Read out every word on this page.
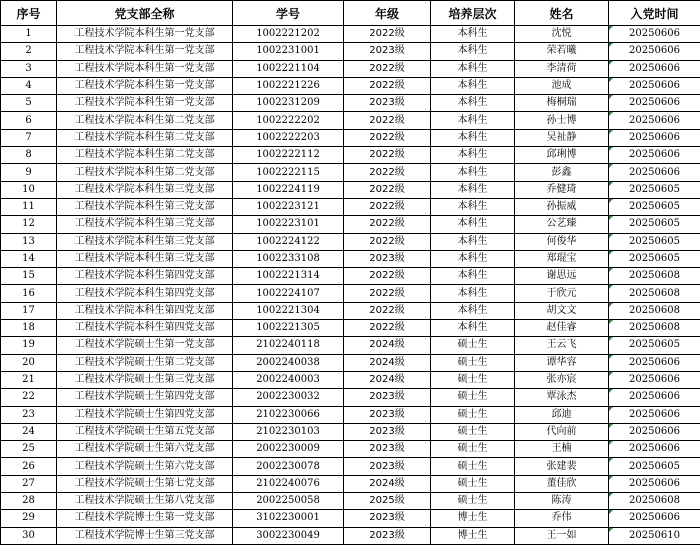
序号	党支部全称	学号	年级	培养层次	姓名	入党时间
1	工程技术学院本科生第一党支部	1002221202	2022级	本科生	沈悦	20250606
2	工程技术学院本科生第一党支部	1002231001	2023级	本科生	荣若曦	20250606
3	工程技术学院本科生第一党支部	1002221104	2022级	本科生	李清荷	20250606
4	工程技术学院本科生第一党支部	1002221226	2022级	本科生	池成	20250606
5	工程技术学院本科生第一党支部	1002231209	2023级	本科生	梅桐瑞	20250606
6	工程技术学院本科生第二党支部	1002222202	2022级	本科生	孙士博	20250606
7	工程技术学院本科生第二党支部	1002222203	2022级	本科生	吴祉静	20250606
8	工程技术学院本科生第二党支部	1002222112	2022级	本科生	邱琍博	20250606
9	工程技术学院本科生第二党支部	1002222115	2022级	本科生	彭鑫	20250606
10	工程技术学院本科生第三党支部	1002224119	2022级	本科生	乔健琦	20250605
11	工程技术学院本科生第三党支部	1002223121	2022级	本科生	孙振威	20250605
12	工程技术学院本科生第三党支部	1002223101	2022级	本科生	公艺臻	20250605
13	工程技术学院本科生第三党支部	1002224122	2022级	本科生	何俊华	20250605
14	工程技术学院本科生第三党支部	1002233108	2023级	本科生	郑琨宝	20250605
15	工程技术学院本科生第四党支部	1002221314	2022级	本科生	谢思远	20250608
16	工程技术学院本科生第四党支部	1002224107	2022级	本科生	于欣元	20250608
17	工程技术学院本科生第四党支部	1002221304	2022级	本科生	胡文文	20250608
18	工程技术学院本科生第四党支部	1002221305	2022级	本科生	赵佳睿	20250608
19	工程技术学院硕士生第一党支部	2102240118	2024级	硕士生	王云飞	20250605
20	工程技术学院硕士生第二党支部	2002240038	2024级	硕士生	谭华容	20250606
21	工程技术学院硕士生第三党支部	2002240003	2024级	硕士生	张亦宸	20250606
22	工程技术学院硕士生第四党支部	2002230032	2023级	硕士生	覃泳杰	20250606
23	工程技术学院硕士生第四党支部	2102230066	2023级	硕士生	邱迪	20250606
24	工程技术学院硕士生第五党支部	2102230103	2023级	硕士生	代向前	20250606
25	工程技术学院硕士生第六党支部	2002230009	2023级	硕士生	王楠	20250606
26	工程技术学院硕士生第六党支部	2002230078	2023级	硕士生	张建裴	20250605
27	工程技术学院硕士生第七党支部	2102240076	2024级	硕士生	董佳欣	20250606
28	工程技术学院硕士生第八党支部	2002250058	2025级	硕士生	陈涛	20250608
29	工程技术学院博士生第一党支部	3102230001	2023级	博士生	乔伟	20250606
30	工程技术学院博士生第三党支部	3002230049	2023级	博士生	王一如	20250610
